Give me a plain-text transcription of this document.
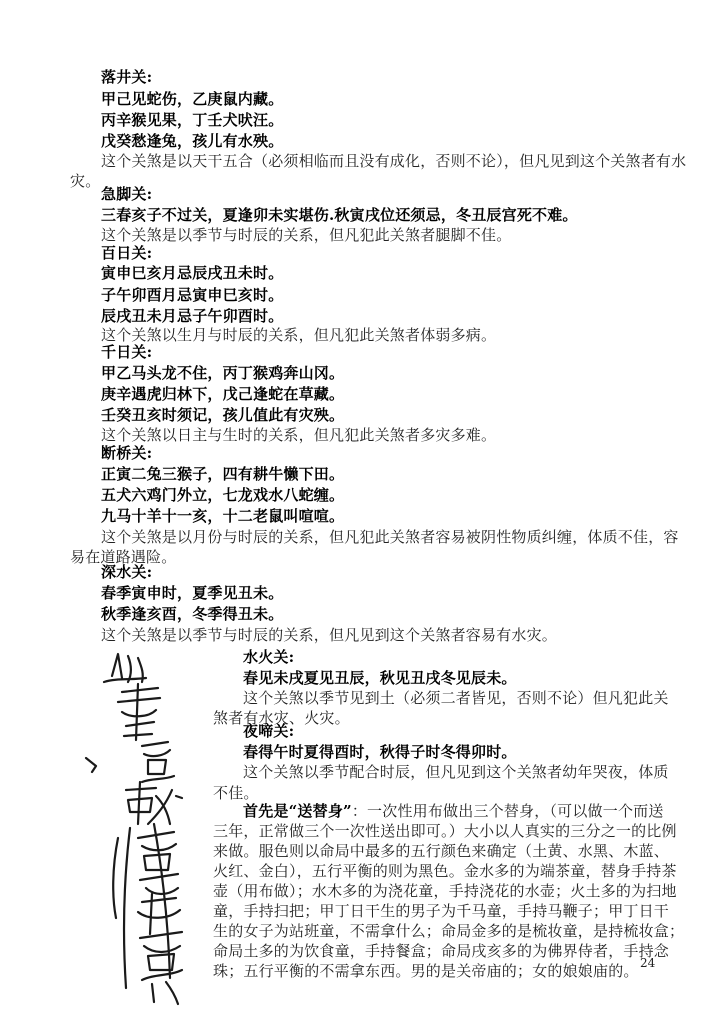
落井关:
甲己见蛇伤，乙庚鼠内藏。
丙辛猴见果，丁壬犬吠汪。
戊癸愁逢兔，孩儿有水殃。
这个关煞是以天干五合（必须相临而且没有成化，否则不论），但凡见到这个关煞者有水
灾。
急脚关:
三春亥子不过关，夏逢卯未实堪伤.秋寅戌位还须忌，冬丑辰宫死不难。
这个关煞是以季节与时辰的关系，但凡犯此关煞者腿脚不佳。
百日关:
寅申巳亥月忌辰戌丑未时。
子午卯酉月忌寅申巳亥时。
辰戌丑未月忌子午卯酉时。
这个关煞以生月与时辰的关系，但凡犯此关煞者体弱多病。
千日关:
甲乙马头龙不住，丙丁猴鸡奔山冈。
庚辛遇虎归林下，戊己逢蛇在草藏。
壬癸丑亥时须记，孩儿值此有灾殃。
这个关煞以日主与生时的关系，但凡犯此关煞者多灾多难。
断桥关:
正寅二兔三猴子，四有耕牛懒下田。
五犬六鸡门外立，七龙戏水八蛇缠。
九马十羊十一亥，十二老鼠叫喧喧。
这个关煞是以月份与时辰的关系，但凡犯此关煞者容易被阴性物质纠缠，体质不佳，容
易在道路遇险。
深水关:
春季寅申时，夏季见丑未。
秋季逢亥酉，冬季得丑未。
这个关煞是以季节与时辰的关系，但凡见到这个关煞者容易有水灾。
水火关:
春见未戌夏见丑辰，秋见丑戌冬见辰未。
这个关煞以季节见到土（必须二者皆见，否则不论）但凡犯此关
煞者有水灾、火灾。
夜啼关:
春得午时夏得酉时，秋得子时冬得卯时。
这个关煞以季节配合时辰，但凡见到这个关煞者幼年哭夜，体质
不佳。
首先是“送替身”：一次性用布做出三个替身，（可以做一个而送
三年，正常做三个一次性送出即可。）大小以人真实的三分之一的比例
来做。服色则以命局中最多的五行颜色来确定（土黄、水黑、木蓝、
火红、金白），五行平衡的则为黑色。金水多的为端茶童，替身手持茶
壶（用布做）；水木多的为浇花童，手持浇花的水壶；火土多的为扫地
童，手持扫把；甲丁日干生的男子为千马童，手持马鞭子；甲丁日干
生的女子为站班童，不需拿什么；命局金多的是梳妆童，是持梳妆盒；
命局土多的为饮食童，手持餐盒；命局戌亥多的为佛界侍者，手持念
珠；五行平衡的不需拿东西。男的是关帝庙的；女的娘娘庙的。 24
